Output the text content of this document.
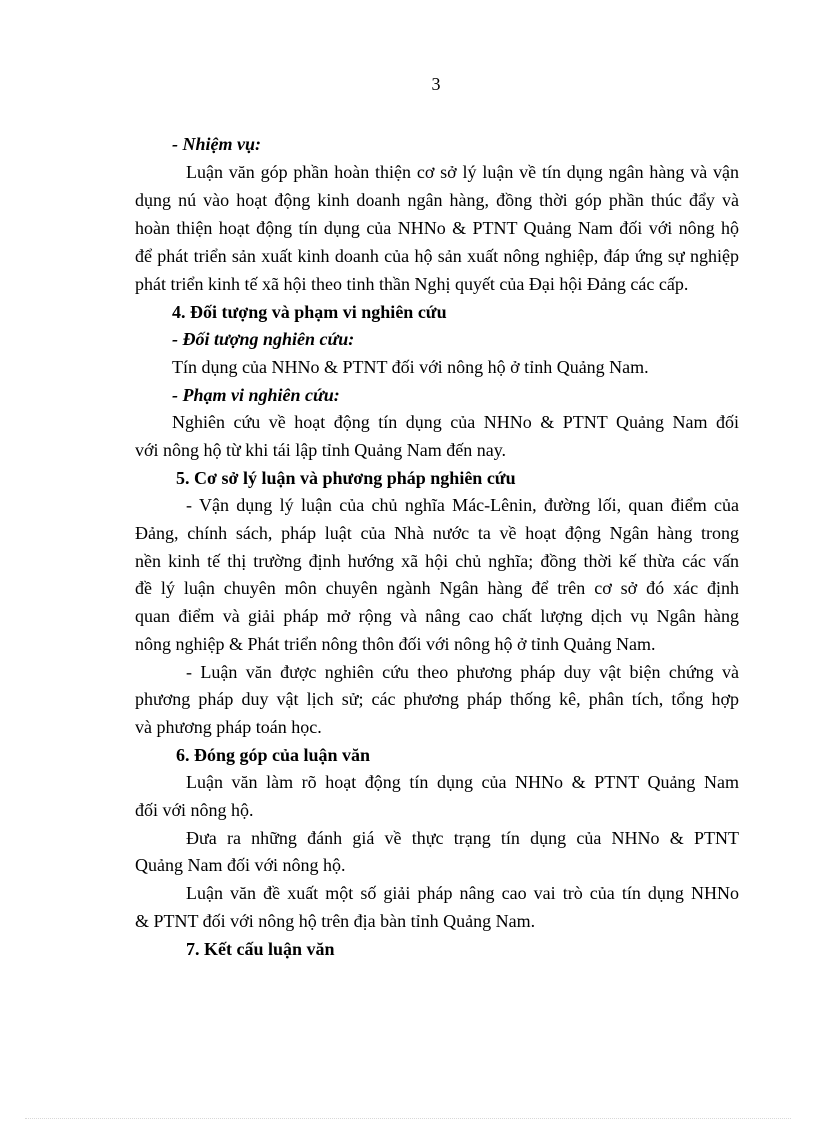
3
- Nhiệm vụ:
Luận văn góp phần hoàn thiện cơ sở lý luận về tín dụng ngân hàng và vận
dụng nú vào hoạt động kinh doanh ngân hàng, đồng thời góp phần thúc đẩy và
hoàn thiện hoạt động tín dụng của NHNo & PTNT Quảng Nam đối với nông hộ
để phát triển sản xuất kinh doanh của hộ sản xuất nông nghiệp, đáp ứng sự nghiệp
phát triển kinh tế xã hội theo tinh thần Nghị quyết của Đại hội Đảng các cấp.
4. Đối tượng và phạm vi nghiên cứu
- Đối tượng nghiên cứu:
Tín dụng của NHNo & PTNT đối với nông hộ ở tỉnh Quảng Nam.
- Phạm vi nghiên cứu:
Nghiên cứu về hoạt động tín dụng của NHNo & PTNT Quảng Nam đối
với nông hộ từ khi tái lập tỉnh Quảng Nam đến nay.
5. Cơ sở lý luận và phương pháp nghiên cứu
- Vận dụng lý luận của chủ nghĩa Mác-Lênin, đường lối, quan điểm của
Đảng, chính sách, pháp luật của Nhà nước ta về hoạt động Ngân hàng trong
nền kinh tế thị trường định hướng xã hội chủ nghĩa; đồng thời kế thừa các vấn
đề lý luận chuyên môn chuyên ngành Ngân hàng để trên cơ sở đó xác định
quan điểm và giải pháp mở rộng và nâng cao chất lượng dịch vụ Ngân hàng
nông nghiệp & Phát triển nông thôn đối với nông hộ ở tỉnh Quảng Nam.
- Luận văn được nghiên cứu theo phương pháp duy vật biện chứng và
phương pháp duy vật lịch sử; các phương pháp thống kê, phân tích, tổng hợp
và phương pháp toán học.
6. Đóng góp của luận văn
Luận văn làm rõ hoạt động tín dụng của NHNo & PTNT Quảng Nam
đối với nông hộ.
Đưa ra những đánh giá về thực trạng tín dụng của NHNo & PTNT
Quảng Nam đối với nông hộ.
Luận văn đề xuất một số giải pháp nâng cao vai trò của tín dụng NHNo
& PTNT đối với nông hộ trên địa bàn tỉnh Quảng Nam.
7. Kết cấu luận văn
